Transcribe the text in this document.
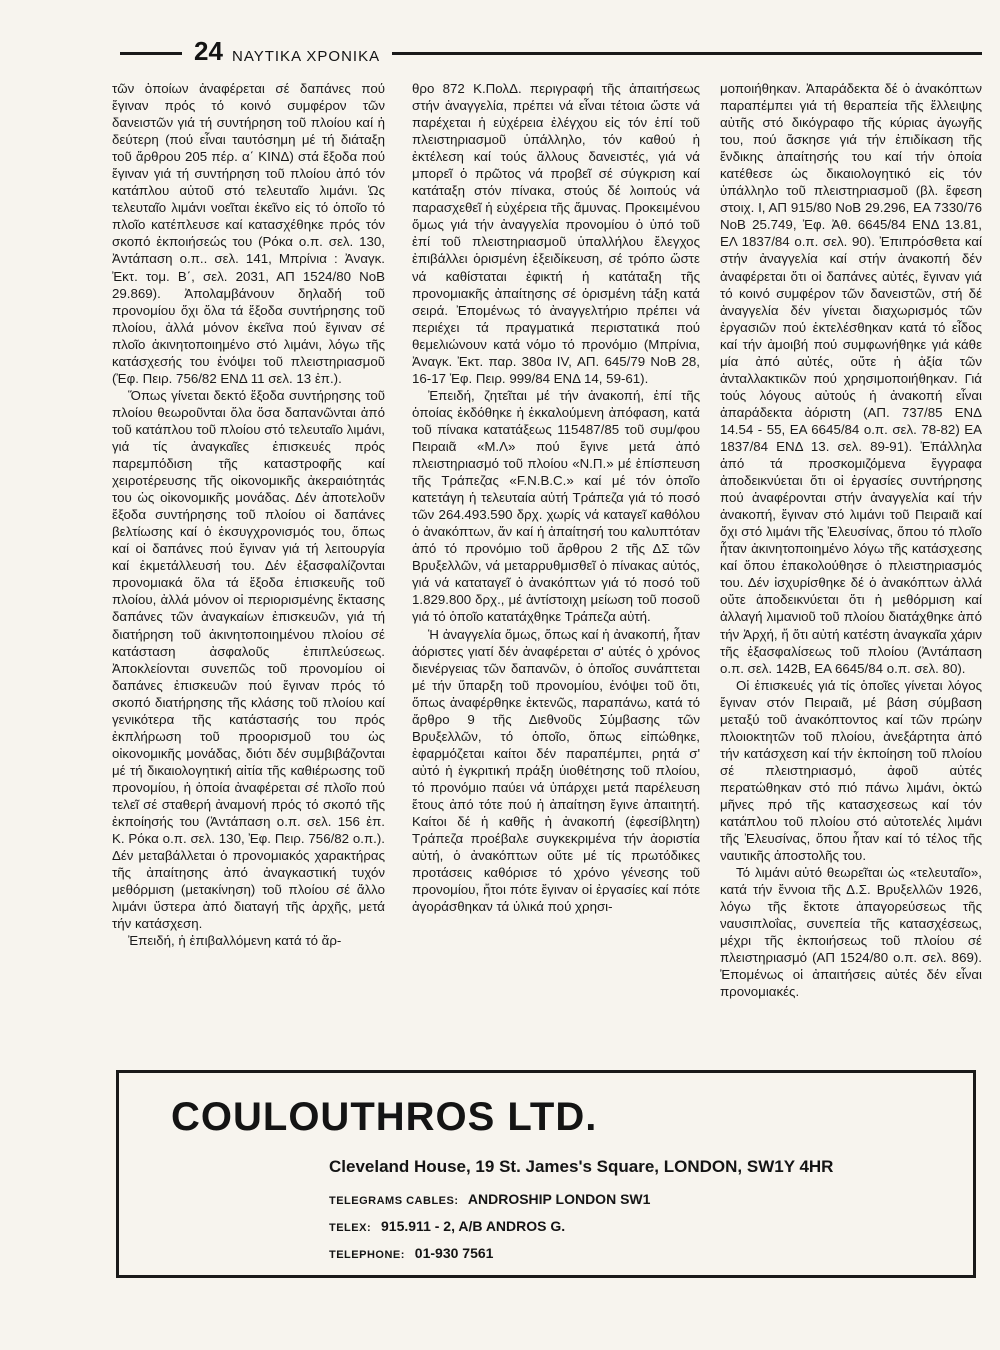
24 ΝΑΥΤΙΚΑ ΧΡΟΝΙΚΑ

τῶν ὁποίων ἀναφέρεται σέ δαπάνες πού ἔγιναν πρός τό κοινό συμφέρον τῶν δανειστῶν γιά τή συντήρηση τοῦ πλοίου καί ἡ δεύτερη (πού εἶναι ταυτόσημη μέ τή διάταξη τοῦ ἄρθρου 205 πέρ. α΄ ΚΙΝΔ) στά ἔξοδα πού ἔγιναν γιά τή συντήρηση τοῦ πλοίου ἀπό τόν κατάπλου αὐτοῦ στό τελευταῖο λιμάνι. Ὡς τελευταῖο λιμάνι νοεῖται ἐκεῖνο εἰς τό ὁποῖο τό πλοῖο κατέπλευσε καί κατασχέθηκε πρός τόν σκοπό ἐκποιήσεώς του (Ρόκα ο.π. σελ. 130, Ἀντάπαση ο.π.. σελ. 141, Μπρίνια : Ἀναγκ. Ἐκτ. τομ. Β΄, σελ. 2031, ΑΠ 1524/80 ΝοΒ 29.869). Ἀπολαμβάνουν δηλαδή τοῦ προνομίου ὄχι ὅλα τά ἔξοδα συντήρησης τοῦ πλοίου, ἀλλά μόνον ἐκεῖνα πού ἔγιναν σέ πλοῖο ἀκινητοποιημένο στό λιμάνι, λόγω τῆς κατάσχεσής του ἐνόψει τοῦ πλειστηριασμοῦ (Ἐφ. Πειρ. 756/82 ΕΝΔ 11 σελ. 13 ἐπ.).

Ὅπως γίνεται δεκτό ἔξοδα συντήρησης τοῦ πλοίου θεωροῦνται ὅλα ὅσα δαπανῶνται ἀπό τοῦ κατάπλου τοῦ πλοίου στό τελευταῖο λιμάνι, γιά τίς ἀναγκαῖες ἐπισκευές πρός παρεμπόδιση τῆς καταστροφῆς καί χειροτέρευσης τῆς οἰκονομικῆς ἀκεραιότητάς του ὡς οἰκονομικῆς μονάδας. Δέν ἀποτελοῦν ἔξοδα συντήρησης τοῦ πλοίου οἱ δαπάνες βελτίωσης καί ὁ ἐκσυγχρονισμός του, ὅπως καί οἱ δαπάνες πού ἔγιναν γιά τή λειτουργία καί ἐκμετάλλευσή του. Δέν ἐξασφαλίζονται προνομιακά ὅλα τά ἔξοδα ἐπισκευῆς τοῦ πλοίου, ἀλλά μόνον οἱ περιορισμένης ἔκτασης δαπάνες τῶν ἀναγκαίων ἐπισκευῶν, γιά τή διατήρηση τοῦ ἀκινητοποιημένου πλοίου σέ κατάσταση ἀσφαλοῦς ἐπιπλεύσεως. Ἀποκλείονται συνεπῶς τοῦ προνομίου οἱ δαπάνες ἐπισκευῶν πού ἔγιναν πρός τό σκοπό διατήρησης τῆς κλάσης τοῦ πλοίου καί γενικότερα τῆς κατάστασής του πρός ἐκπλήρωση τοῦ προορισμοῦ του ὡς οἰκονομικῆς μονάδας, διότι δέν συμβιβάζονται μέ τή δικαιολογητική αἰτία τῆς καθιέρωσης τοῦ προνομίου, ἡ ὁποία ἀναφέρεται σέ πλοῖο πού τελεῖ σέ σταθερή ἀναμονή πρός τό σκοπό τῆς ἐκποίησής του (Ἀντάπαση ο.π. σελ. 156 ἐπ. Κ. Ρόκα ο.π. σελ. 130, Ἐφ. Πειρ. 756/82 ο.π.). Δέν μεταβάλλεται ὁ προνομιακός χαρακτήρας τῆς ἀπαίτησης ἀπό ἀναγκαστική τυχόν μεθόρμιση (μετακίνηση) τοῦ πλοίου σέ ἄλλο λιμάνι ὕστερα ἀπό διαταγή τῆς ἀρχῆς, μετά τήν κατάσχεση.

Ἐπειδή, ἡ ἐπιβαλλόμενη κατά τό ἄρ-

θρο 872 Κ.ΠολΔ. περιγραφή τῆς ἀπαιτήσεως στήν ἀναγγελία, πρέπει νά εἶναι τέτοια ὥστε νά παρέχεται ἡ εὐχέρεια ἐλέγχου εἰς τόν ἐπί τοῦ πλειστηριασμοῦ ὑπάλληλο, τόν καθού ἡ ἐκτέλεση καί τούς ἄλλους δανειστές, γιά νά μπορεῖ ὁ πρῶτος νά προβεῖ σέ σύγκριση καί κατάταξη στόν πίνακα, στούς δέ λοιπούς νά παρασχεθεῖ ἡ εὐχέρεια τῆς ἄμυνας. Προκειμένου ὅμως γιά τήν ἀναγγελία προνομίου ὁ ὑπό τοῦ ἐπί τοῦ πλειστηριασμοῦ ὑπαλλήλου ἔλεγχος ἐπιβάλλει ὁρισμένη ἐξειδίκευση, σέ τρόπο ὥστε νά καθίσταται ἐφικτή ἡ κατάταξη τῆς προνομιακῆς ἀπαίτησης σέ ὁρισμένη τάξη κατά σειρά. Ἐπομένως τό ἀναγγελτήριο πρέπει νά περιέχει τά πραγματικά περιστατικά πού θεμελιώνουν κατά νόμο τό προνόμιο (Μπρίνια, Ἀναγκ. Ἐκτ. παρ. 380α IV, ΑΠ. 645/79 ΝοΒ 28, 16-17 Ἐφ. Πειρ. 999/84 ΕΝΔ 14, 59-61).

Ἐπειδή, ζητεῖται μέ τήν ἀνακοπή, ἐπί τῆς ὁποίας ἐκδόθηκε ἡ ἐκκαλούμενη ἀπόφαση, κατά τοῦ πίνακα κατατάξεως 115487/85 τοῦ συμ/φου Πειραιᾶ «Μ.Λ» πού ἔγινε μετά ἀπό πλειστηριασμό τοῦ πλοίου «Ν.Π.» μέ ἐπίσπευση τῆς Τράπεζας «F.N.B.C.» καί μέ τόν ὁποῖο κατετάγη ἡ τελευταία αὐτή Τράπεζα γιά τό ποσό τῶν 264.493.590 δρχ. χωρίς νά καταγεῖ καθόλου ὁ ἀνακόπτων, ἄν καί ἡ ἀπαίτησή του καλυπτόταν ἀπό τό προνόμιο τοῦ ἄρθρου 2 τῆς ΔΣ τῶν Βρυξελλῶν, νά μεταρρυθμισθεῖ ὁ πίνακας αὐτός, γιά νά καταταγεῖ ὁ ἀνακόπτων γιά τό ποσό τοῦ 1.829.800 δρχ., μέ ἀντίστοιχη μείωση τοῦ ποσοῦ γιά τό ὁποῖο κατατάχθηκε Τράπεζα αὐτή.

Ἡ ἀναγγελία ὅμως, ὅπως καί ἡ ἀνακοπή, ἦταν ἀόριστες γιατί δέν ἀναφέρεται σ' αὐτές ὁ χρόνος διενέργειας τῶν δαπανῶν, ὁ ὁποῖος συνάπτεται μέ τήν ὕπαρξη τοῦ προνομίου, ἐνόψει τοῦ ὅτι, ὅπως ἀναφέρθηκε ἐκτενῶς, παραπάνω, κατά τό ἄρθρο 9 τῆς Διεθνοῦς Σύμβασης τῶν Βρυξελλῶν, τό ὁποῖο, ὅπως εἰπώθηκε, ἐφαρμόζεται καίτοι δέν παραπέμπει, ρητά σ' αὐτό ἡ ἐγκριτική πράξη ὑιοθέτησης τοῦ πλοίου, τό προνόμιο παύει νά ὑπάρχει μετά παρέλευση ἔτους ἀπό τότε πού ἡ ἀπαίτηση ἔγινε ἀπαιτητή. Καίτοι δέ ἡ καθῆς ἡ ἀνακοπή (ἐφεσίβλητη) Τράπεζα προέβαλε συγκεκριμένα τήν ἀοριστία αὐτή, ὁ ἀνακόπτων οὔτε μέ τίς πρωτόδικες προτάσεις καθόρισε τό χρόνο γένεσης τοῦ προνομίου, ἤτοι πότε ἔγιναν οἱ ἐργασίες καί πότε ἀγοράσθηκαν τά ὑλικά πού χρησι-

μοποιήθηκαν. Ἀπαράδεκτα δέ ὁ ἀνακόπτων παραπέμπει γιά τή θεραπεία τῆς ἔλλειψης αὐτῆς στό δικόγραφο τῆς κύριας ἀγωγῆς του, πού ἄσκησε γιά τήν ἐπιδίκαση τῆς ἔνδικης ἀπαίτησής του καί τήν ὁποία κατέθεσε ὡς δικαιολογητικό εἰς τόν ὑπάλληλο τοῦ πλειστηριασμοῦ (βλ. ἔφεση στοιχ. Ι, ΑΠ 915/80 ΝοΒ 29.296, ΕΑ 7330/76 ΝοΒ 25.749, Ἐφ. Ἀθ. 6645/84 ΕΝΔ 13.81, ΕΛ 1837/84 ο.π. σελ. 90). Ἐπιπρόσθετα καί στήν ἀναγγελία καί στήν ἀνακοπή δέν ἀναφέρεται ὅτι οἱ δαπάνες αὐτές, ἔγιναν γιά τό κοινό συμφέρον τῶν δανειστῶν, στή δέ ἀναγγελία δέν γίνεται διαχωρισμός τῶν ἐργασιῶν πού ἐκτελέσθηκαν κατά τό εἶδος καί τήν ἀμοιβή πού συμφωνήθηκε γιά κάθε μία ἀπό αὐτές, οὔτε ἡ ἀξία τῶν ἀνταλλακτικῶν πού χρησιμοποιήθηκαν. Γιά τούς λόγους αὐτούς ἡ ἀνακοπή εἶναι ἀπαράδεκτα ἀόριστη (ΑΠ. 737/85 ΕΝΔ 14.54 - 55, ΕΑ 6645/84 ο.π. σελ. 78-82) ΕΑ 1837/84 ΕΝΔ 13. σελ. 89-91). Ἐπάλληλα ἀπό τά προσκομιζόμενα ἔγγραφα ἀποδεικνύεται ὅτι οἱ ἐργασίες συντήρησης πού ἀναφέρονται στήν ἀναγγελία καί τήν ἀνακοπή, ἔγιναν στό λιμάνι τοῦ Πειραιᾶ καί ὄχι στό λιμάνι τῆς Ἐλευσίνας, ὅπου τό πλοῖο ἦταν ἀκινητοποιημένο λόγω τῆς κατάσχεσης καί ὅπου ἐπακολούθησε ὁ πλειστηριασμός του. Δέν ἰσχυρίσθηκε δέ ὁ ἀνακόπτων ἀλλά οὔτε ἀποδεικνύεται ὅτι ἡ μεθόρμιση καί ἀλλαγή λιμανιοῦ τοῦ πλοίου διατάχθηκε ἀπό τήν Ἀρχή, ἤ ὅτι αὐτή κατέστη ἀναγκαῖα χάριν τῆς ἐξασφαλίσεως τοῦ πλοίου (Ἀντάπαση ο.π. σελ. 142Β, ΕΑ 6645/84 ο.π. σελ. 80).

Οἱ ἐπισκευές γιά τίς ὁποῖες γίνεται λόγος ἔγιναν στόν Πειραιᾶ, μέ βάση σύμβαση μεταξύ τοῦ ἀνακόπτοντος καί τῶν πρώην πλοιοκτητῶν τοῦ πλοίου, ἀνεξάρτητα ἀπό τήν κατάσχεση καί τήν ἐκποίηση τοῦ πλοίου σέ πλειστηριασμό, ἀφοῦ αὐτές περατώθηκαν στό πιό πάνω λιμάνι, ὀκτώ μῆνες πρό τῆς κατασχεσεως καί τόν κατάπλου τοῦ πλοίου στό αὐτοτελές λιμάνι τῆς Ἐλευσίνας, ὅπου ἦταν καί τό τέλος τῆς ναυτικῆς ἀποστολῆς του.

Τό λιμάνι αὐτό θεωρεῖται ὡς «τελευταῖο», κατά τήν ἔννοια τῆς Δ.Σ. Βρυξελλῶν 1926, λόγω τῆς ἔκτοτε ἀπαγορεύσεως τῆς ναυσιπλοΐας, συνεπεία τῆς κατασχέσεως, μέχρι τῆς ἐκποιήσεως τοῦ πλοίου σέ πλειστηριασμό (ΑΠ 1524/80 ο.π. σελ. 869). Ἐπομένως οἱ ἀπαιτήσεις αὐτές δέν εἶναι προνομιακές.

COULOUTHROS LTD.
Cleveland House, 19 St. James's Square, LONDON, SW1Y 4HR
TELEGRAMS CABLES: ANDROSHIP LONDON SW1
TELEX: 915.911 - 2, A/B ANDROS G.
TELEPHONE: 01-930 7561
